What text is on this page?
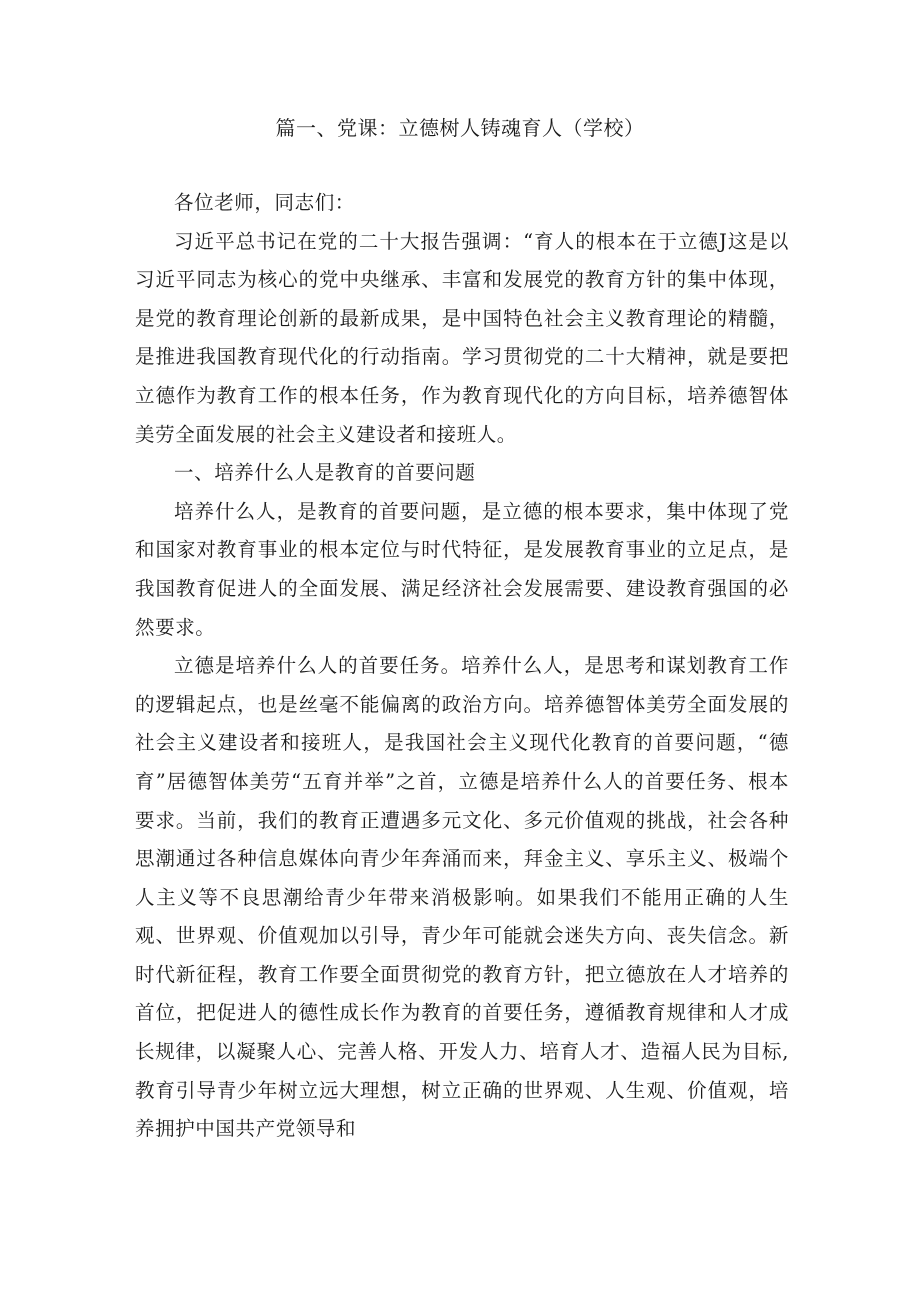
篇一、党课：立德树人铸魂育人（学校）

各位老师，同志们：

习近平总书记在党的二十大报告强调：“育人的根本在于立德J这是以习近平同志为核心的党中央继承、丰富和发展党的教育方针的集中体现，是党的教育理论创新的最新成果，是中国特色社会主义教育理论的精髓，是推进我国教育现代化的行动指南。学习贯彻党的二十大精神，就是要把立德作为教育工作的根本任务，作为教育现代化的方向目标，培养德智体美劳全面发展的社会主义建设者和接班人。

一、培养什么人是教育的首要问题

培养什么人，是教育的首要问题，是立德的根本要求，集中体现了党和国家对教育事业的根本定位与时代特征，是发展教育事业的立足点，是我国教育促进人的全面发展、满足经济社会发展需要、建设教育强国的必然要求。

立德是培养什么人的首要任务。培养什么人，是思考和谋划教育工作的逻辑起点，也是丝毫不能偏离的政治方向。培养德智体美劳全面发展的社会主义建设者和接班人，是我国社会主义现代化教育的首要问题，“德育”居德智体美劳“五育并举”之首，立德是培养什么人的首要任务、根本要求。当前，我们的教育正遭遇多元文化、多元价值观的挑战，社会各种思潮通过各种信息媒体向青少年奔涌而来，拜金主义、享乐主义、极端个人主义等不良思潮给青少年带来消极影响。如果我们不能用正确的人生观、世界观、价值观加以引导，青少年可能就会迷失方向、丧失信念。新时代新征程，教育工作要全面贯彻党的教育方针，把立德放在人才培养的首位，把促进人的德性成长作为教育的首要任务，遵循教育规律和人才成长规律，以凝聚人心、完善人格、开发人力、培育人才、造福人民为目标,教育引导青少年树立远大理想，树立正确的世界观、人生观、价值观，培养拥护中国共产党领导和
